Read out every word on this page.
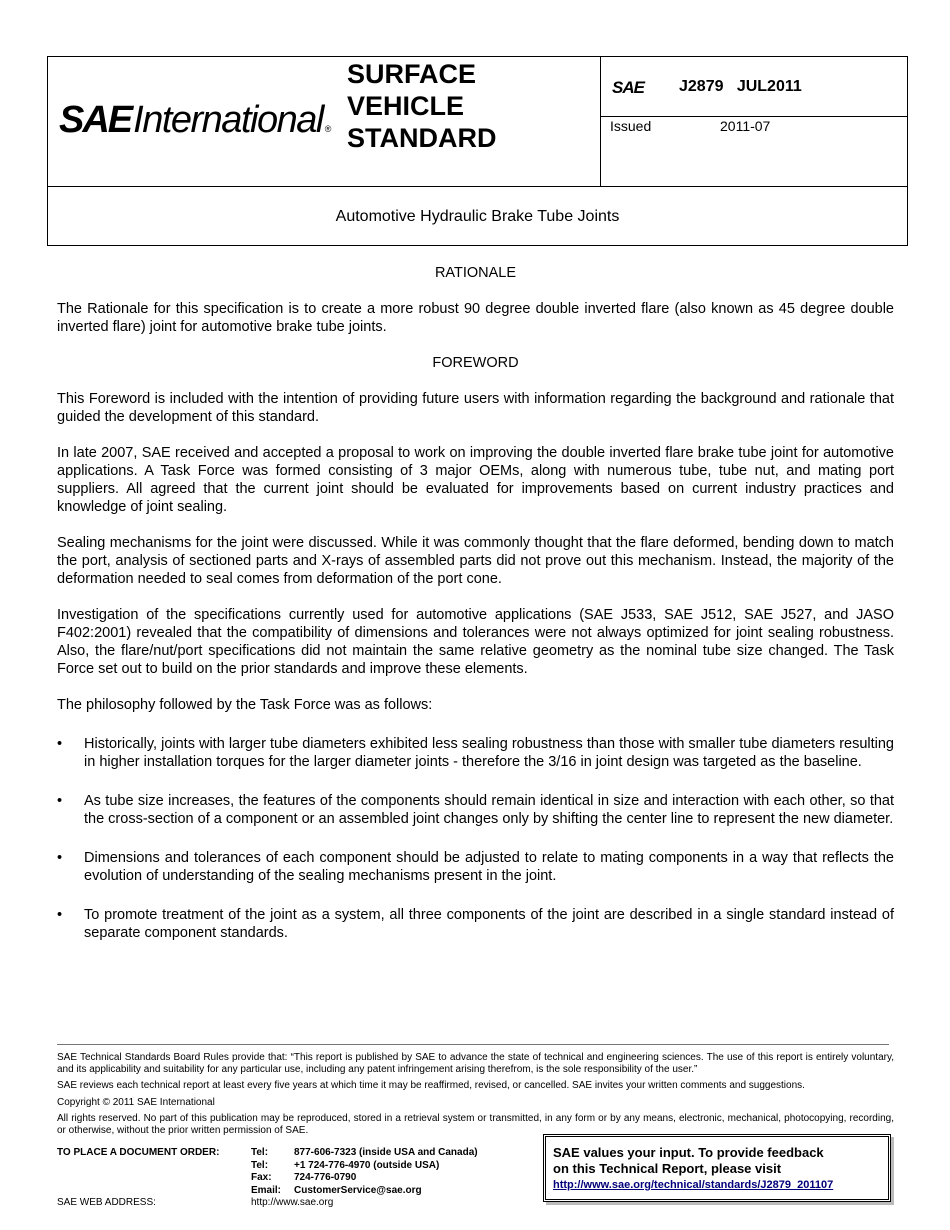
SAE International ®
SURFACE
VEHICLE
STANDARD
SAE J2879   JUL2011
Issued	2011-07
Automotive Hydraulic Brake Tube Joints

RATIONALE

The Rationale for this specification is to create a more robust 90 degree double inverted flare (also known as 45 degree double inverted flare) joint for automotive brake tube joints.

FOREWORD

This Foreword is included with the intention of providing future users with information regarding the background and rationale that guided the development of this standard.

In late 2007, SAE received and accepted a proposal to work on improving the double inverted flare brake tube joint for automotive applications. A Task Force was formed consisting of 3 major OEMs, along with numerous tube, tube nut, and mating port suppliers. All agreed that the current joint should be evaluated for improvements based on current industry practices and knowledge of joint sealing.

Sealing mechanisms for the joint were discussed. While it was commonly thought that the flare deformed, bending down to match the port, analysis of sectioned parts and X-rays of assembled parts did not prove out this mechanism. Instead, the majority of the deformation needed to seal comes from deformation of the port cone.

Investigation of the specifications currently used for automotive applications (SAE J533, SAE J512, SAE J527, and JASO F402:2001) revealed that the compatibility of dimensions and tolerances were not always optimized for joint sealing robustness. Also, the flare/nut/port specifications did not maintain the same relative geometry as the nominal tube size changed. The Task Force set out to build on the prior standards and improve these elements.

The philosophy followed by the Task Force was as follows:

• Historically, joints with larger tube diameters exhibited less sealing robustness than those with smaller tube diameters resulting in higher installation torques for the larger diameter joints - therefore the 3/16 in joint design was targeted as the baseline.
• As tube size increases, the features of the components should remain identical in size and interaction with each other, so that the cross-section of a component or an assembled joint changes only by shifting the center line to represent the new diameter.
• Dimensions and tolerances of each component should be adjusted to relate to mating components in a way that reflects the evolution of understanding of the sealing mechanisms present in the joint.
• To promote treatment of the joint as a system, all three components of the joint are described in a single standard instead of separate component standards.

SAE Technical Standards Board Rules provide that: “This report is published by SAE to advance the state of technical and engineering sciences. The use of this report is entirely voluntary, and its applicability and suitability for any particular use, including any patent infringement arising therefrom, is the sole responsibility of the user.”

SAE reviews each technical report at least every five years at which time it may be reaffirmed, revised, or cancelled. SAE invites your written comments and suggestions.

Copyright © 2011 SAE International

All rights reserved. No part of this publication may be reproduced, stored in a retrieval system or transmitted, in any form or by any means, electronic, mechanical, photocopying, recording, or otherwise, without the prior written permission of SAE.

TO PLACE A DOCUMENT ORDER:	Tel:	877-606-7323 (inside USA and Canada)
Tel:	+1 724-776-4970 (outside USA)
Fax:	724-776-0790
Email:	CustomerService@sae.org
SAE WEB ADDRESS:	http://www.sae.org
SAE values your input. To provide feedback
on this Technical Report, please visit
http://www.sae.org/technical/standards/J2879_201107
